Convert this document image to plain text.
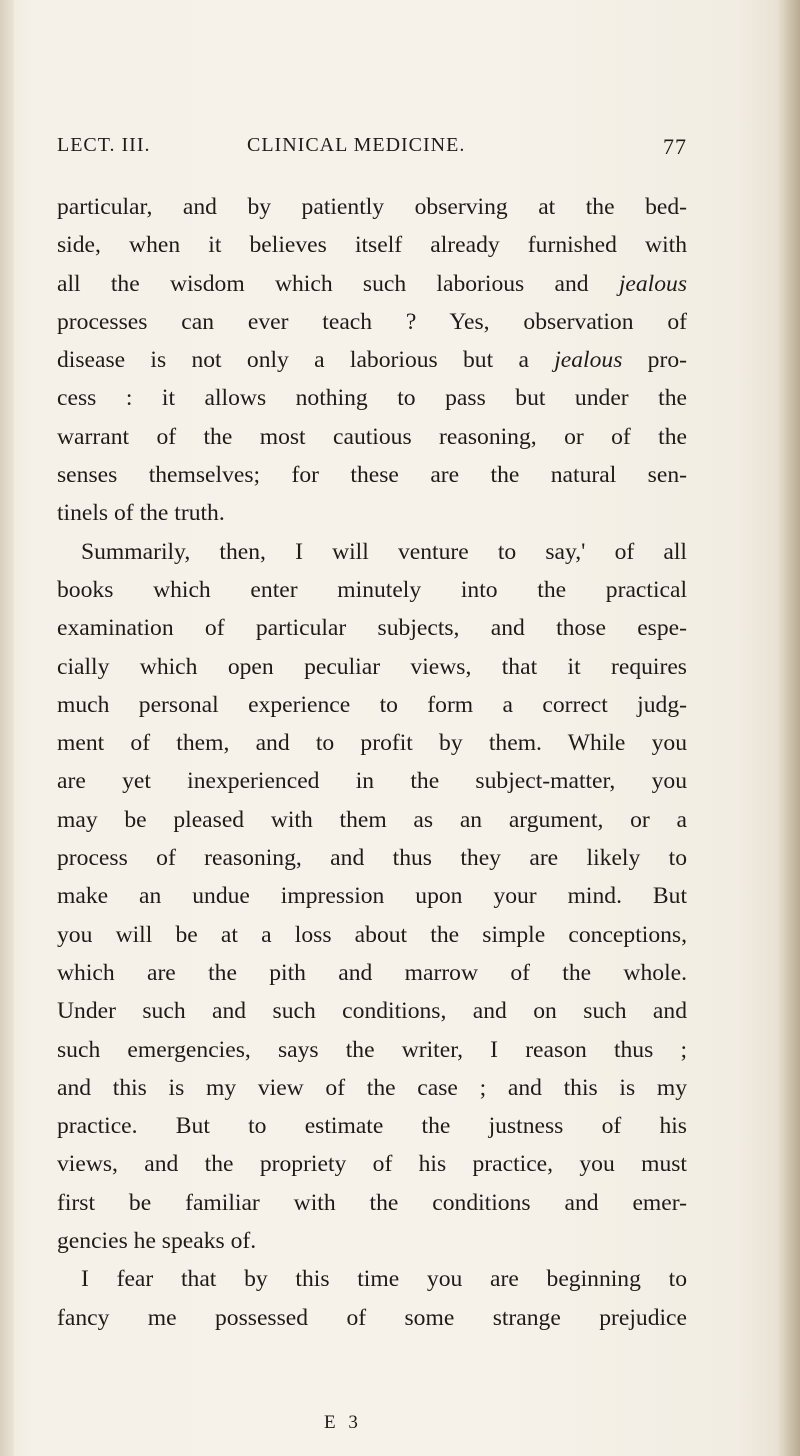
LECT. III.	CLINICAL MEDICINE.	77
particular, and by patiently observing at the bed-
side, when it believes itself already furnished with
all the wisdom which such laborious and jealous
processes can ever teach ? Yes, observation of
disease is not only a laborious but a jealous pro-
cess : it allows nothing to pass but under the
warrant of the most cautious reasoning, or of the
senses themselves; for these are the natural sen-
tinels of the truth.
Summarily, then, I will venture to say,' of all
books which enter minutely into the practical
examination of particular subjects, and those espe-
cially which open peculiar views, that it requires
much personal experience to form a correct judg-
ment of them, and to profit by them. While you
are yet inexperienced in the subject-matter, you
may be pleased with them as an argument, or a
process of reasoning, and thus they are likely to
make an undue impression upon your mind. But
you will be at a loss about the simple conceptions,
which are the pith and marrow of the whole.
Under such and such conditions, and on such and
such emergencies, says the writer, I reason thus ;
and this is my view of the case ; and this is my
practice. But to estimate the justness of his
views, and the propriety of his practice, you must
first be familiar with the conditions and emer-
gencies he speaks of.
I fear that by this time you are beginning to
fancy me possessed of some strange prejudice
E 3
